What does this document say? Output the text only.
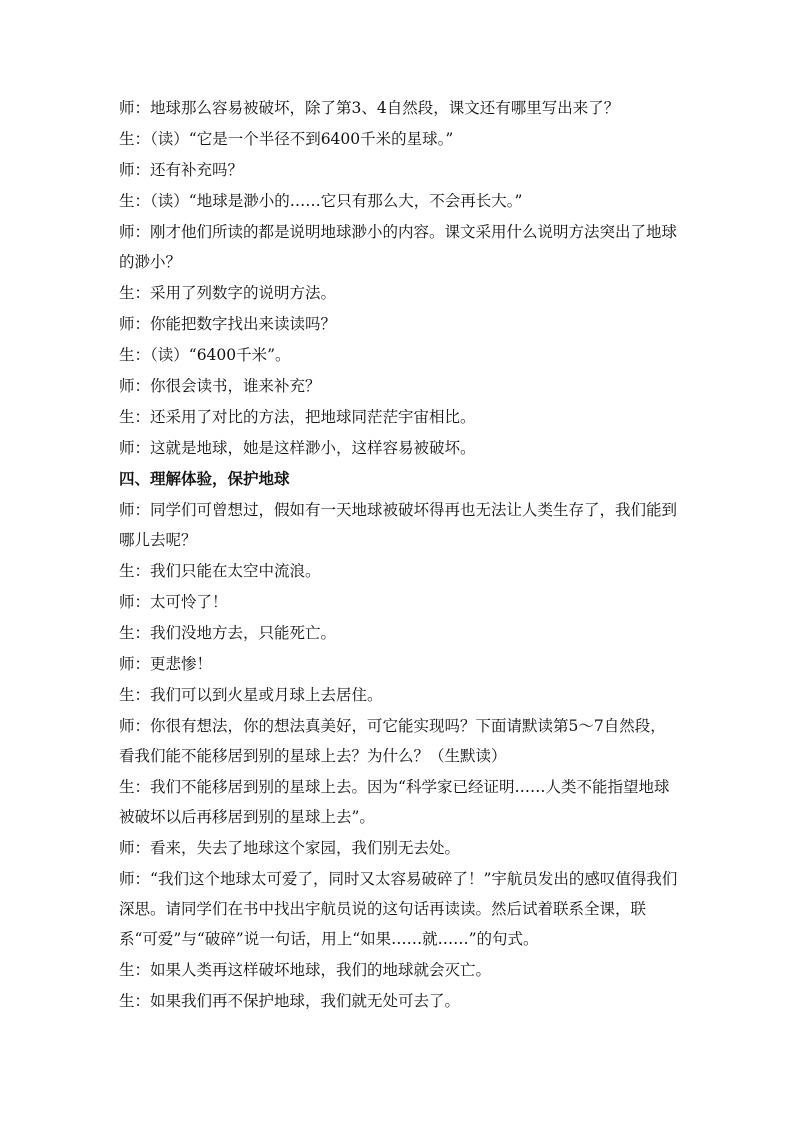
师：地球那么容易被破坏，除了第3、4自然段，课文还有哪里写出来了？

生：（读）“它是一个半径不到6400千米的星球。”

师：还有补充吗？

生：（读）“地球是渺小的……它只有那么大，不会再长大。”

师：刚才他们所读的都是说明地球渺小的内容。课文采用什么说明方法突出了地球的渺小？

生：采用了列数字的说明方法。

师：你能把数字找出来读读吗？

生：（读）“6400千米”。

师：你很会读书，谁来补充？

生：还采用了对比的方法，把地球同茫茫宇宙相比。

师：这就是地球，她是这样渺小，这样容易被破坏。

四、理解体验，保护地球

师：同学们可曾想过，假如有一天地球被破坏得再也无法让人类生存了，我们能到哪儿去呢？

生：我们只能在太空中流浪。

师：太可怜了！

生：我们没地方去，只能死亡。

师：更悲惨！

生：我们可以到火星或月球上去居住。

师：你很有想法，你的想法真美好，可它能实现吗？下面请默读第5～7自然段，看我们能不能移居到别的星球上去？为什么？（生默读）

生：我们不能移居到别的星球上去。因为“科学家已经证明……人类不能指望地球被破坏以后再移居到别的星球上去”。

师：看来，失去了地球这个家园，我们别无去处。

师：“我们这个地球太可爱了，同时又太容易破碎了！”宇航员发出的感叹值得我们深思。请同学们在书中找出宇航员说的这句话再读读。然后试着联系全课，联系“可爱”与“破碎”说一句话，用上“如果……就……”的句式。

生：如果人类再这样破坏地球，我们的地球就会灭亡。

生：如果我们再不保护地球，我们就无处可去了。
